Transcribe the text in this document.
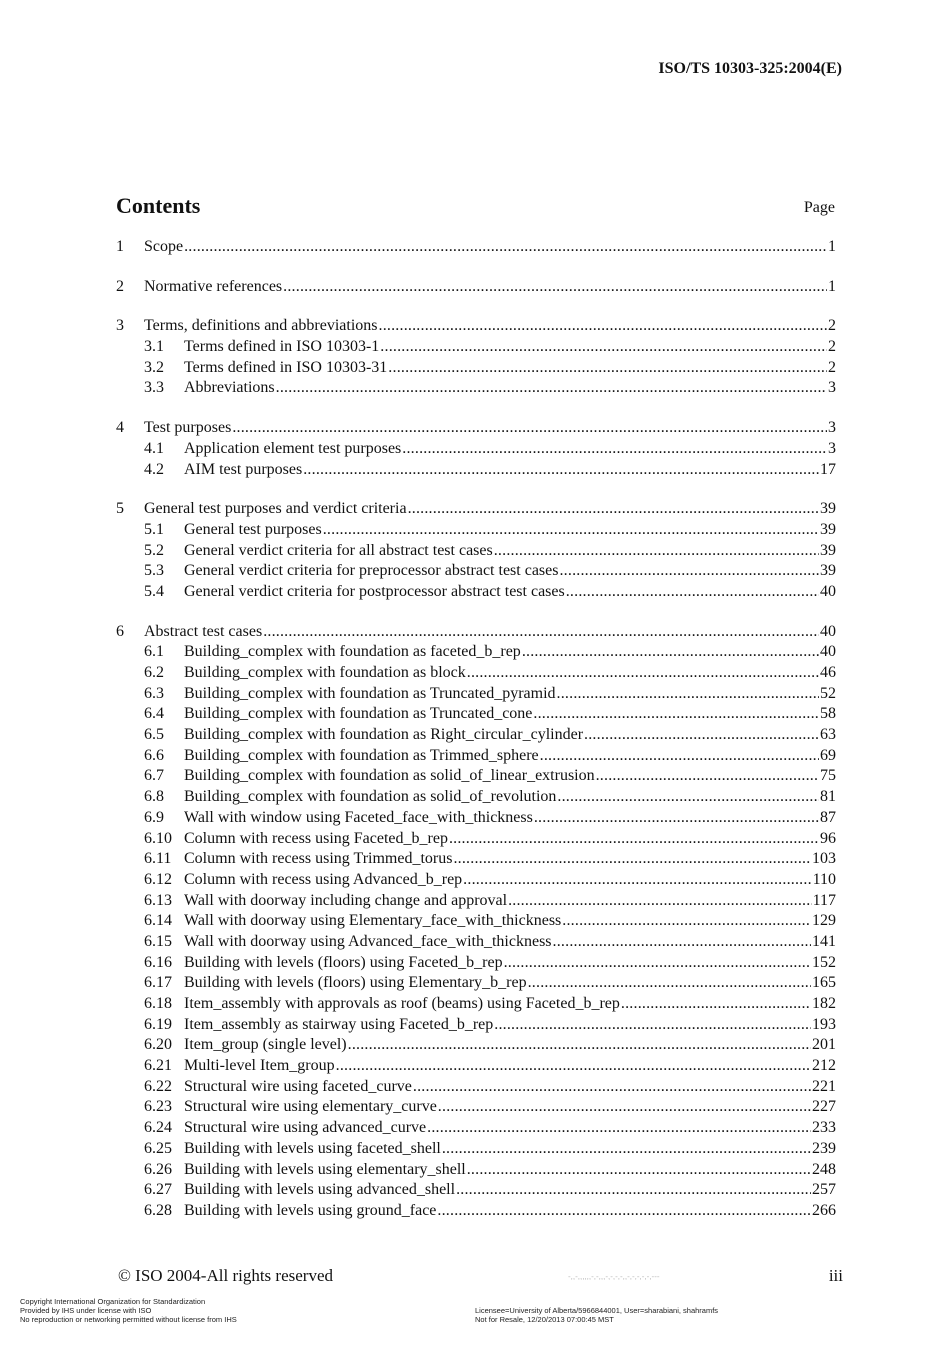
ISO/TS 10303-325:2004(E)
Contents	Page
1	Scope .....	1
2	Normative references .....	1
3	Terms, definitions and abbreviations .....	2
3.1	Terms defined in ISO 10303-1 .....	2
3.2	Terms defined in ISO 10303-31 .....	2
3.3	Abbreviations .....	3
4	Test purposes .....	3
4.1	Application element test purposes .....	3
4.2	AIM test purposes .....	17
5	General test purposes and verdict criteria .....	39
5.1	General test purposes .....	39
5.2	General verdict criteria for all abstract test cases .....	39
5.3	General verdict criteria for preprocessor abstract test cases .....	39
5.4	General verdict criteria for postprocessor abstract test cases .....	40
6	Abstract test cases .....	40
6.1	Building_complex with foundation as faceted_b_rep .....	40
6.2	Building_complex with foundation as block .....	46
6.3	Building_complex with foundation as Truncated_pyramid .....	52
6.4	Building_complex with foundation as Truncated_cone .....	58
6.5	Building_complex with foundation as Right_circular_cylinder .....	63
6.6	Building_complex with foundation as Trimmed_sphere .....	69
6.7	Building_complex with foundation as solid_of_linear_extrusion .....	75
6.8	Building_complex with foundation as solid_of_revolution .....	81
6.9	Wall with window using Faceted_face_with_thickness .....	87
6.10 Column with recess using Faceted_b_rep .....	96
6.11 Column with recess using Trimmed_torus .....	103
6.12 Column with recess using Advanced_b_rep .....	110
6.13 Wall with doorway including change and approval .....	117
6.14 Wall with doorway using Elementary_face_with_thickness .....	129
6.15 Wall with doorway using Advanced_face_with_thickness .....	141
6.16 Building with levels (floors) using Faceted_b_rep .....	152
6.17 Building with levels (floors) using Elementary_b_rep .....	165
6.18 Item_assembly with approvals as roof (beams) using Faceted_b_rep .....	182
6.19 Item_assembly as stairway using Faceted_b_rep .....	193
6.20 Item_group (single level) .....	201
6.21 Multi-level Item_group .....	212
6.22 Structural wire using faceted_curve .....	221
6.23 Structural wire using elementary_curve .....	227
6.24 Structural wire using advanced_curve .....	233
6.25 Building with levels using faceted_shell .....	239
6.26 Building with levels using elementary_shell .....	248
6.27 Building with levels using advanced_shell .....	257
6.28 Building with levels using ground_face .....	266
© ISO 2004-All rights reserved	-,,-,,,,,,-,-,,,-,-,-,-,,-,-,-,-,-,---	iii
Copyright International Organization for Standardization
Provided by IHS under license with ISO
No reproduction or networking permitted without license from IHS
Licensee=University of Alberta/5966844001, User=sharabiani, shahramfs
Not for Resale, 12/20/2013 07:00:45 MST
